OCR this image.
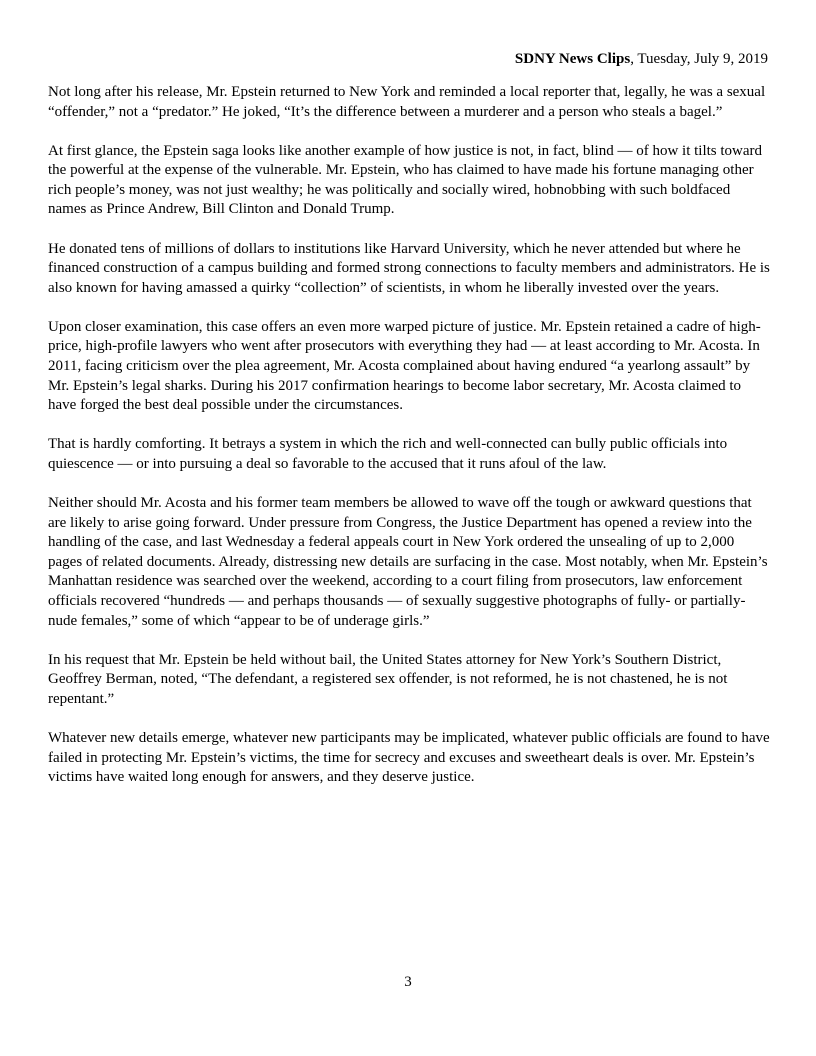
SDNY News Clips, Tuesday, July 9, 2019

Not long after his release, Mr. Epstein returned to New York and reminded a local reporter that, legally, he was a sexual “offender,” not a “predator.” He joked, “It’s the difference between a murderer and a person who steals a bagel.”

At first glance, the Epstein saga looks like another example of how justice is not, in fact, blind — of how it tilts toward the powerful at the expense of the vulnerable. Mr. Epstein, who has claimed to have made his fortune managing other rich people’s money, was not just wealthy; he was politically and socially wired, hobnobbing with such boldfaced names as Prince Andrew, Bill Clinton and Donald Trump.

He donated tens of millions of dollars to institutions like Harvard University, which he never attended but where he financed construction of a campus building and formed strong connections to faculty members and administrators. He is also known for having amassed a quirky “collection” of scientists, in whom he liberally invested over the years.

Upon closer examination, this case offers an even more warped picture of justice. Mr. Epstein retained a cadre of high-price, high-profile lawyers who went after prosecutors with everything they had — at least according to Mr. Acosta. In 2011, facing criticism over the plea agreement, Mr. Acosta complained about having endured “a yearlong assault” by Mr. Epstein’s legal sharks. During his 2017 confirmation hearings to become labor secretary, Mr. Acosta claimed to have forged the best deal possible under the circumstances.

That is hardly comforting. It betrays a system in which the rich and well-connected can bully public officials into quiescence — or into pursuing a deal so favorable to the accused that it runs afoul of the law.

Neither should Mr. Acosta and his former team members be allowed to wave off the tough or awkward questions that are likely to arise going forward. Under pressure from Congress, the Justice Department has opened a review into the handling of the case, and last Wednesday a federal appeals court in New York ordered the unsealing of up to 2,000 pages of related documents. Already, distressing new details are surfacing in the case. Most notably, when Mr. Epstein’s Manhattan residence was searched over the weekend, according to a court filing from prosecutors, law enforcement officials recovered “hundreds — and perhaps thousands — of sexually suggestive photographs of fully- or partially-nude females,” some of which “appear to be of underage girls.”

In his request that Mr. Epstein be held without bail, the United States attorney for New York’s Southern District, Geoffrey Berman, noted, “The defendant, a registered sex offender, is not reformed, he is not chastened, he is not repentant.”

Whatever new details emerge, whatever new participants may be implicated, whatever public officials are found to have failed in protecting Mr. Epstein’s victims, the time for secrecy and excuses and sweetheart deals is over. Mr. Epstein’s victims have waited long enough for answers, and they deserve justice.

3
